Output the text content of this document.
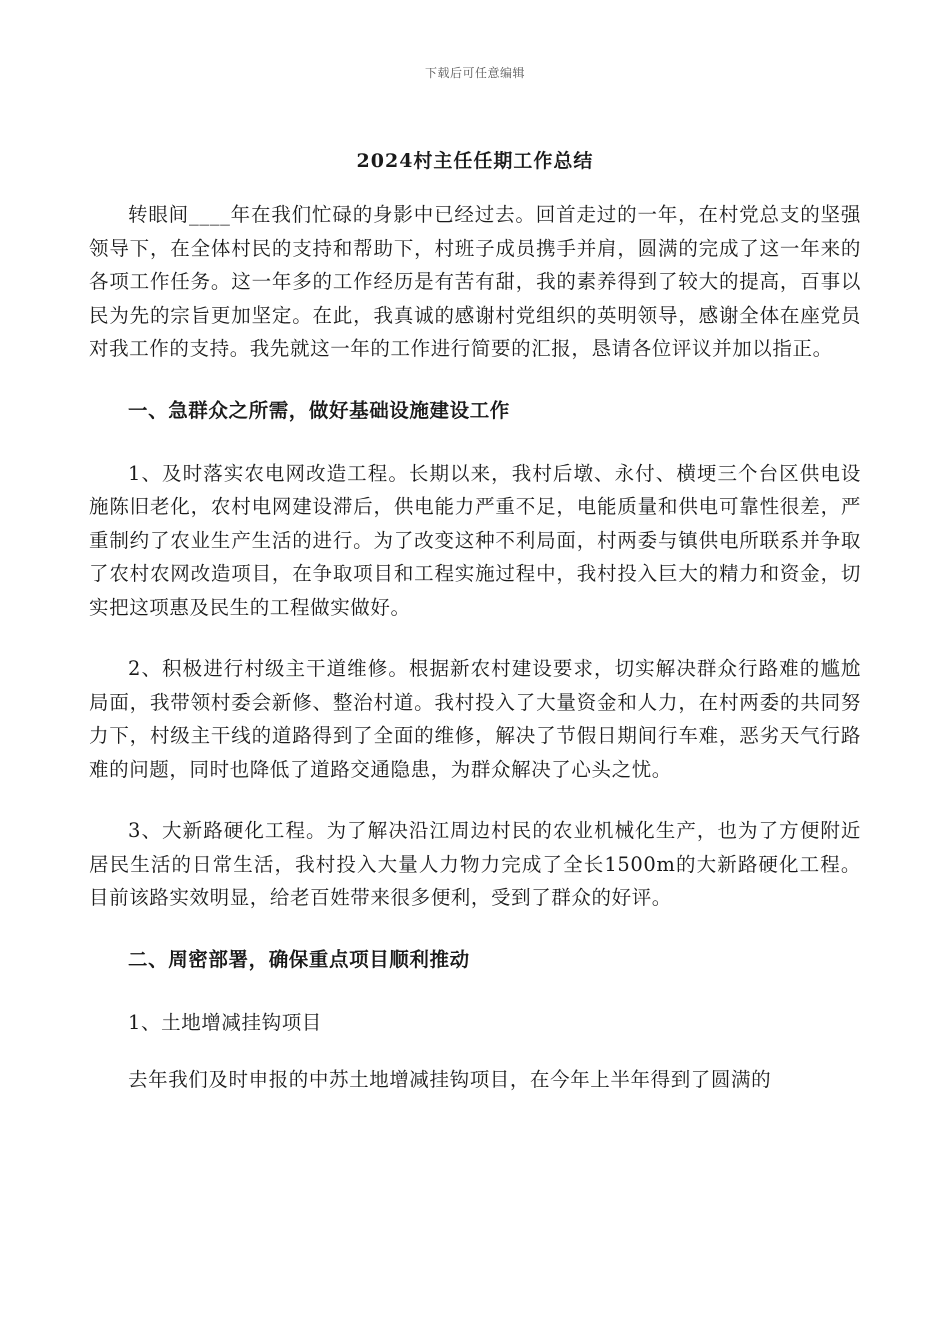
下载后可任意编辑
2024村主任任期工作总结

转眼间____年在我们忙碌的身影中已经过去。回首走过的一年，在村党总支的坚强领导下，在全体村民的支持和帮助下，村班子成员携手并肩，圆满的完成了这一年来的各项工作任务。这一年多的工作经历是有苦有甜，我的素养得到了较大的提高，百事以民为先的宗旨更加坚定。在此，我真诚的感谢村党组织的英明领导，感谢全体在座党员对我工作的支持。我先就这一年的工作进行简要的汇报，恳请各位评议并加以指正。

一、急群众之所需，做好基础设施建设工作

1、及时落实农电网改造工程。长期以来，我村后墩、永付、横埂三个台区供电设施陈旧老化，农村电网建设滞后，供电能力严重不足，电能质量和供电可靠性很差，严重制约了农业生产生活的进行。为了改变这种不利局面，村两委与镇供电所联系并争取了农村农网改造项目，在争取项目和工程实施过程中，我村投入巨大的精力和资金，切实把这项惠及民生的工程做实做好。

2、积极进行村级主干道维修。根据新农村建设要求，切实解决群众行路难的尴尬局面，我带领村委会新修、整治村道。我村投入了大量资金和人力，在村两委的共同努力下，村级主干线的道路得到了全面的维修，解决了节假日期间行车难，恶劣天气行路难的问题，同时也降低了道路交通隐患，为群众解决了心头之忧。

3、大新路硬化工程。为了解决沿江周边村民的农业机械化生产，也为了方便附近居民生活的日常生活，我村投入大量人力物力完成了全长1500m的大新路硬化工程。目前该路实效明显，给老百姓带来很多便利，受到了群众的好评。

二、周密部署，确保重点项目顺利推动

1、土地增减挂钩项目

去年我们及时申报的中苏土地增减挂钩项目，在今年上半年得到了圆满的
